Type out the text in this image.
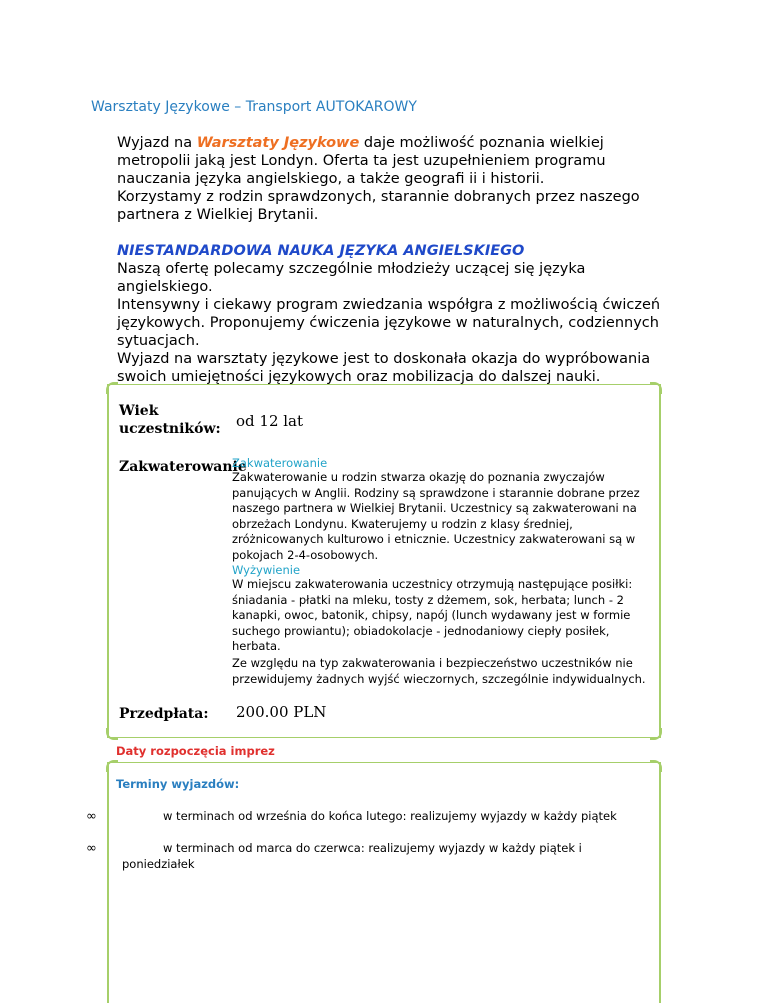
Warsztaty Językowe – Transport AUTOKAROWY

Wyjazd na Warsztaty Językowe daje możliwość poznania wielkiej metropolii jaką jest Londyn. Oferta ta jest uzupełnieniem programu nauczania języka angielskiego, a także geografi ii i historii.

Korzystamy z rodzin sprawdzonych, starannie dobranych przez naszego partnera z Wielkiej Brytanii.

NIESTANDARDOWA NAUKA JĘZYKA ANGIELSKIEGO

Naszą ofertę polecamy szczególnie młodzieży uczącej się języka angielskiego.

Intensywny i ciekawy program zwiedzania współgra z możliwością ćwiczeń językowych. Proponujemy ćwiczenia językowe w naturalnych, codziennych sytuacjach.

Wyjazd na warsztaty językowe jest to doskonała okazja do wypróbowania swoich umiejętności językowych oraz mobilizacja do dalszej nauki.

Wiek uczestników:	od 12 lat
Zakwaterowanie
Zakwaterowanie
Zakwaterowanie u rodzin stwarza okazję do poznania zwyczajów panujących w Anglii. Rodziny są sprawdzone i starannie dobrane przez naszego partnera w Wielkiej Brytanii. Uczestnicy są zakwaterowani na obrzeżach Londynu. Kwaterujemy u rodzin z klasy średniej, zróżnicowanych kulturowo i etnicznie. Uczestnicy zakwaterowani są w pokojach 2-4-osobowych.
Wyżywienie
W miejscu zakwaterowania uczestnicy otrzymują następujące posiłki: śniadania - płatki na mleku, tosty z dżemem, sok, herbata; lunch - 2 kanapki, owoc, batonik, chipsy, napój (lunch wydawany jest w formie suchego prowiantu); obiadokolacje - jednodaniowy ciepły posiłek, herbata.
Ze względu na typ zakwaterowania i bezpieczeństwo uczestników nie przewidujemy żadnych wyjść wieczornych, szczególnie indywidualnych.
Przedpłata: 200.00 PLN
Daty rozpoczęcia imprez
Terminy wyjazdów:
∞	w terminach od września do końca lutego: realizujemy wyjazdy w każdy piątek
∞	w terminach od marca do czerwca: realizujemy wyjazdy w każdy piątek i poniedziałek
